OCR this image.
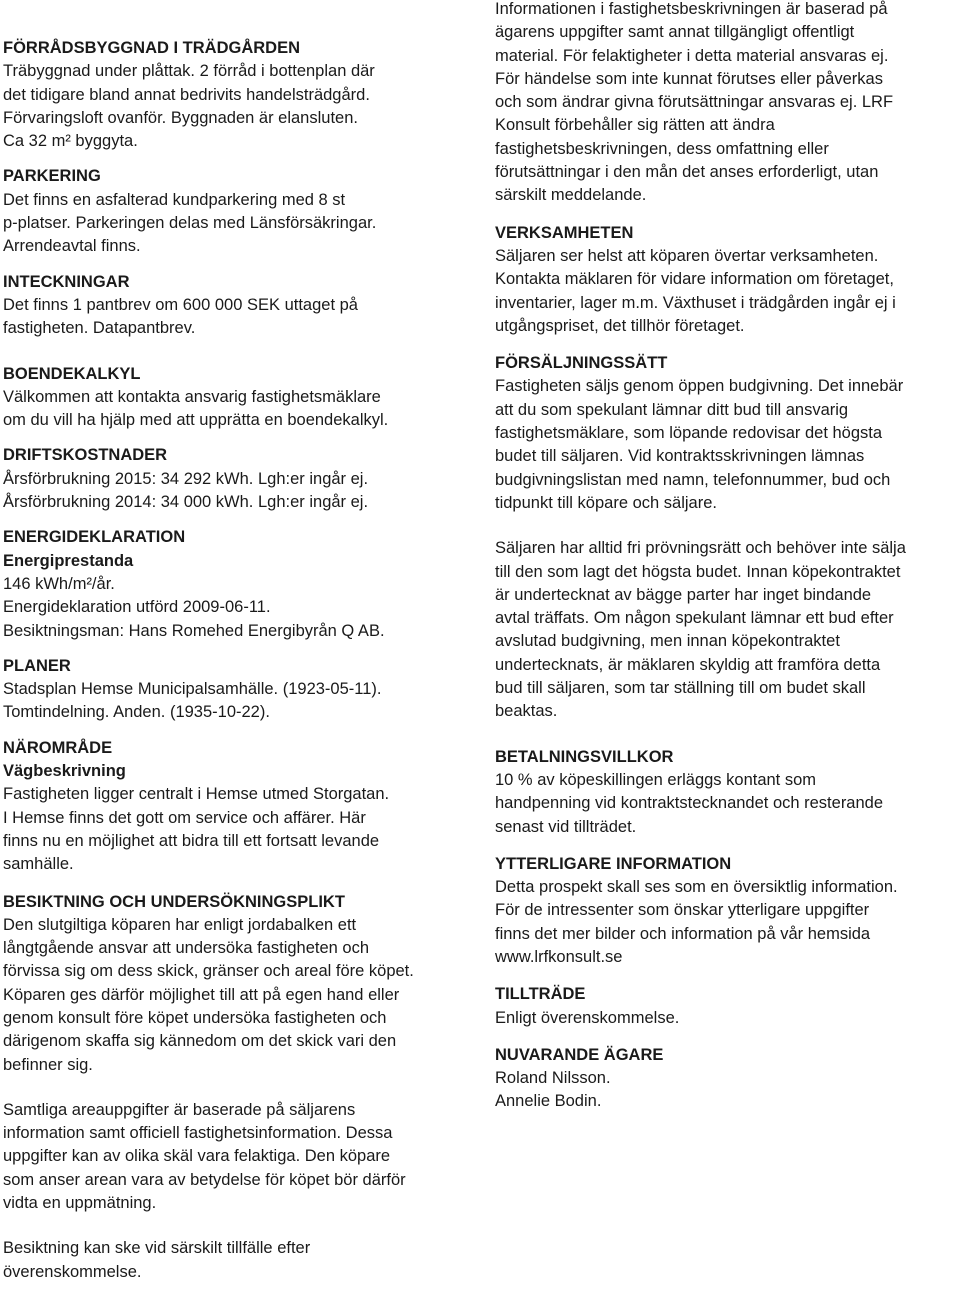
FÖRRÅDSBYGGNAD I TRÄDGÅRDEN

Träbyggnad under plåttak. 2 förråd i bottenplan där

det tidigare bland annat bedrivits handelsträdgård.

Förvaringsloft ovanför. Byggnaden är elansluten.

Ca 32 m² byggyta.

PARKERING

Det finns en asfalterad kundparkering med 8 st

p-platser. Parkeringen delas med Länsförsäkringar.

Arrendeavtal finns.

INTECKNINGAR

Det finns 1 pantbrev om 600 000 SEK uttaget på

fastigheten. Datapantbrev.

BOENDEKALKYL

Välkommen att kontakta ansvarig fastighetsmäklare

om du vill ha hjälp med att upprätta en boendekalkyl.

DRIFTSKOSTNADER

Årsförbrukning 2015: 34 292 kWh. Lgh:er ingår ej.

Årsförbrukning 2014: 34 000 kWh. Lgh:er ingår ej.

ENERGIDEKLARATION

Energiprestanda

146 kWh/m²/år.

Energideklaration utförd 2009-06-11.

Besiktningsman: Hans Romehed Energibyrån Q AB.

PLANER

Stadsplan Hemse Municipalsamhälle. (1923-05-11).

Tomtindelning. Anden. (1935-10-22).

NÄROMRÅDE

Vägbeskrivning

Fastigheten ligger centralt i Hemse utmed Storgatan.

I Hemse finns det gott om service och affärer. Här

finns nu en möjlighet att bidra till ett fortsatt levande

samhälle.

BESIKTNING OCH UNDERSÖKNINGSPLIKT

Den slutgiltiga köparen har enligt jordabalken ett

långtgående ansvar att undersöka fastigheten och

förvissa sig om dess skick, gränser och areal före köpet.

Köparen ges därför möjlighet till att på egen hand eller

genom konsult före köpet undersöka fastigheten och

därigenom skaffa sig kännedom om det skick vari den

befinner sig.

Samtliga areauppgifter är baserade på säljarens

information samt officiell fastighetsinformation. Dessa

uppgifter kan av olika skäl vara felaktiga. Den köpare

som anser arean vara av betydelse för köpet bör därför

vidta en uppmätning.

Besiktning kan ske vid särskilt tillfälle efter

överenskommelse.

Informationen i fastighetsbeskrivningen är baserad på

ägarens uppgifter samt annat tillgängligt offentligt

material. För felaktigheter i detta material ansvaras ej.

För händelse som inte kunnat förutses eller påverkas

och som ändrar givna förutsättningar ansvaras ej. LRF

Konsult förbehåller sig rätten att ändra

fastighetsbeskrivningen, dess omfattning eller

förutsättningar i den mån det anses erforderligt, utan

särskilt meddelande.

VERKSAMHETEN

Säljaren ser helst att köparen övertar verksamheten.

Kontakta mäklaren för vidare information om företaget,

inventarier, lager m.m. Växthuset i trädgården ingår ej i

utgångspriset, det tillhör företaget.

FÖRSÄLJNINGSSÄTT

Fastigheten säljs genom öppen budgivning. Det innebär

att du som spekulant lämnar ditt bud till ansvarig

fastighetsmäklare, som löpande redovisar det högsta

budet till säljaren. Vid kontraktsskrivningen lämnas

budgivningslistan med namn, telefonnummer, bud och

tidpunkt till köpare och säljare.

Säljaren har alltid fri prövningsrätt och behöver inte sälja

till den som lagt det högsta budet. Innan köpekontraktet

är undertecknat av bägge parter har inget bindande

avtal träffats. Om någon spekulant lämnar ett bud efter

avslutad budgivning, men innan köpekontraktet

undertecknats, är mäklaren skyldig att framföra detta

bud till säljaren, som tar ställning till om budet skall

beaktas.

BETALNINGSVILLKOR

10 % av köpeskillingen erläggs kontant som

handpenning vid kontraktstecknandet och resterande

senast vid tillträdet.

YTTERLIGARE INFORMATION

Detta prospekt skall ses som en översiktlig information.

För de intressenter som önskar ytterligare uppgifter

finns det mer bilder och information på vår hemsida

www.lrfkonsult.se

TILLTRÄDE

Enligt överenskommelse.

NUVARANDE ÄGARE

Roland Nilsson.

Annelie Bodin.
